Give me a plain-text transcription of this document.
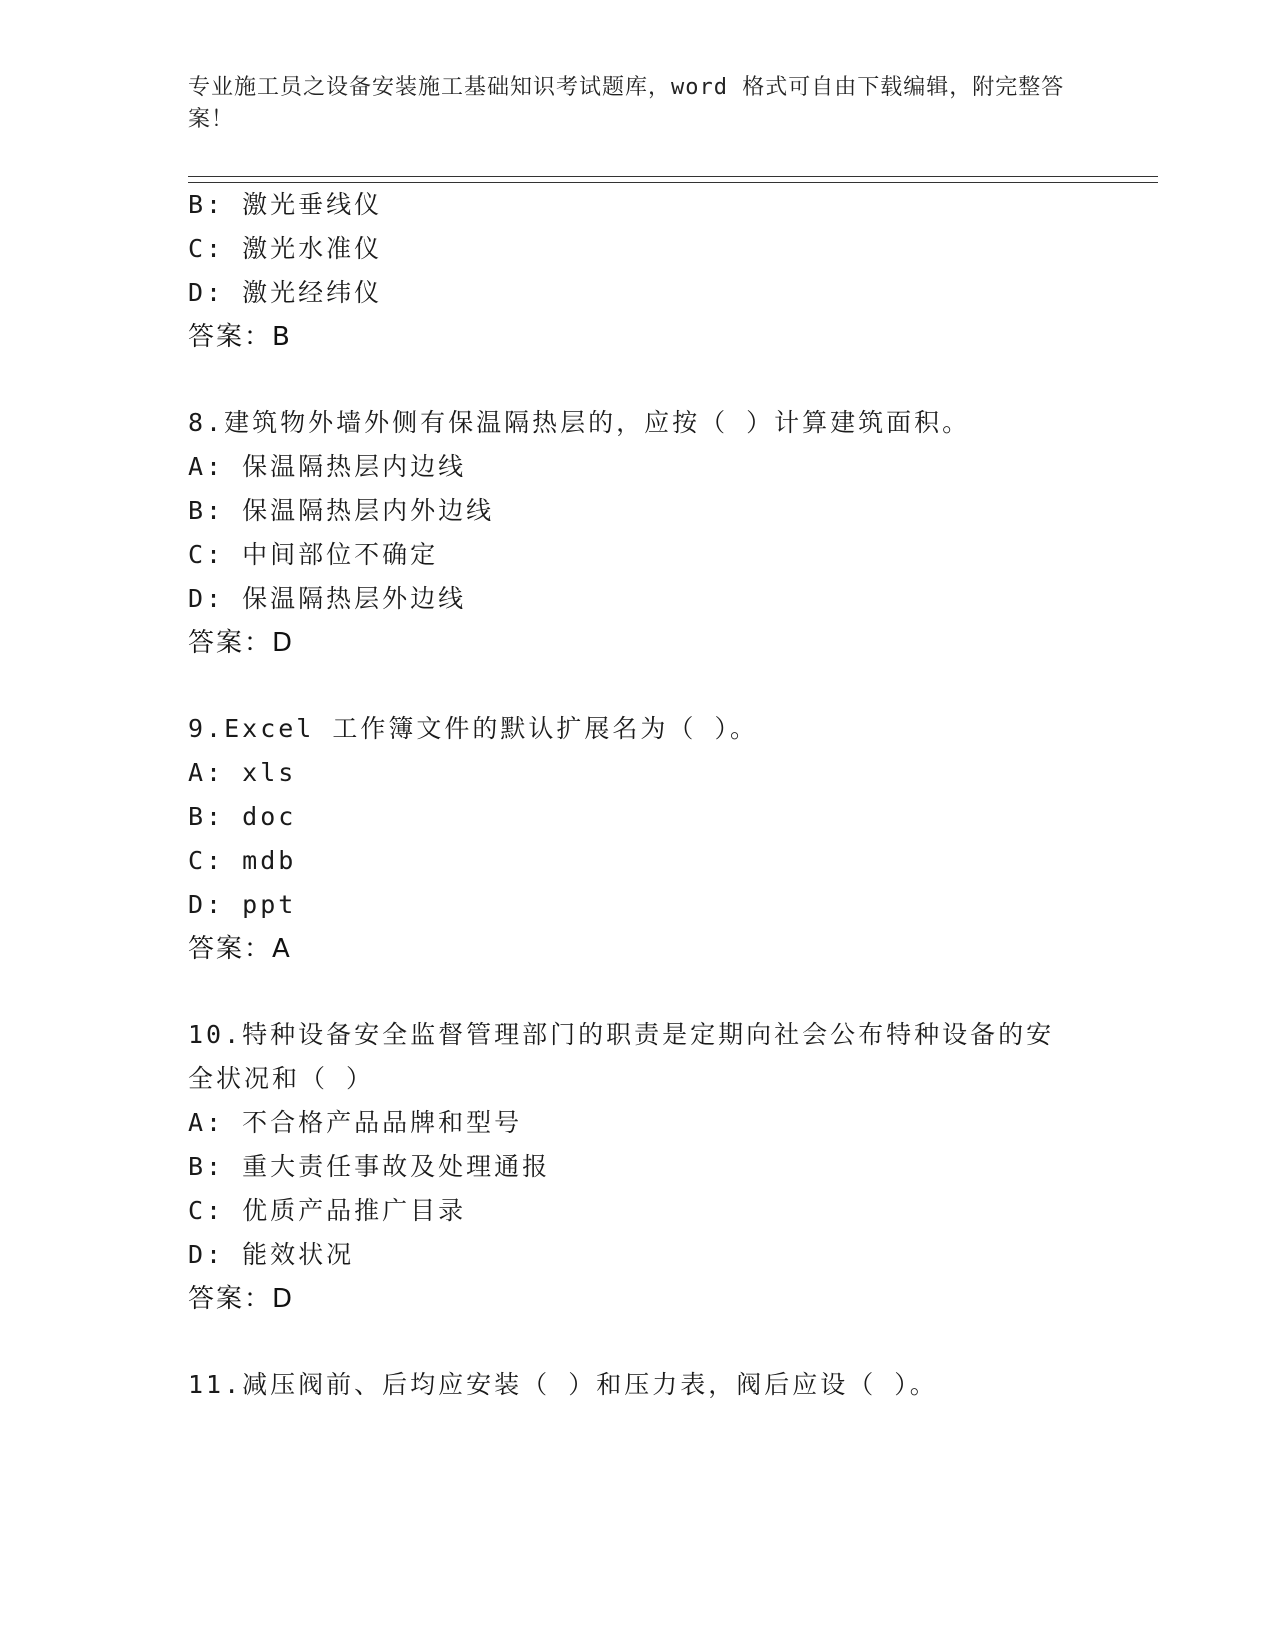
专业施工员之设备安装施工基础知识考试题库，word 格式可自由下载编辑，附完整答案！
B: 激光垂线仪
C: 激光水准仪
D: 激光经纬仪
答案：B
8.建筑物外墙外侧有保温隔热层的，应按（ ）计算建筑面积。
A: 保温隔热层内边线
B: 保温隔热层内外边线
C: 中间部位不确定
D: 保温隔热层外边线
答案：D
9.Excel 工作簿文件的默认扩展名为（ ）。
A: xls
B: doc
C: mdb
D: ppt
答案：A
10.特种设备安全监督管理部门的职责是定期向社会公布特种设备的安
全状况和（ ）
A: 不合格产品品牌和型号
B: 重大责任事故及处理通报
C: 优质产品推广目录
D: 能效状况
答案：D
11.减压阀前、后均应安装（ ）和压力表，阀后应设（ ）。
